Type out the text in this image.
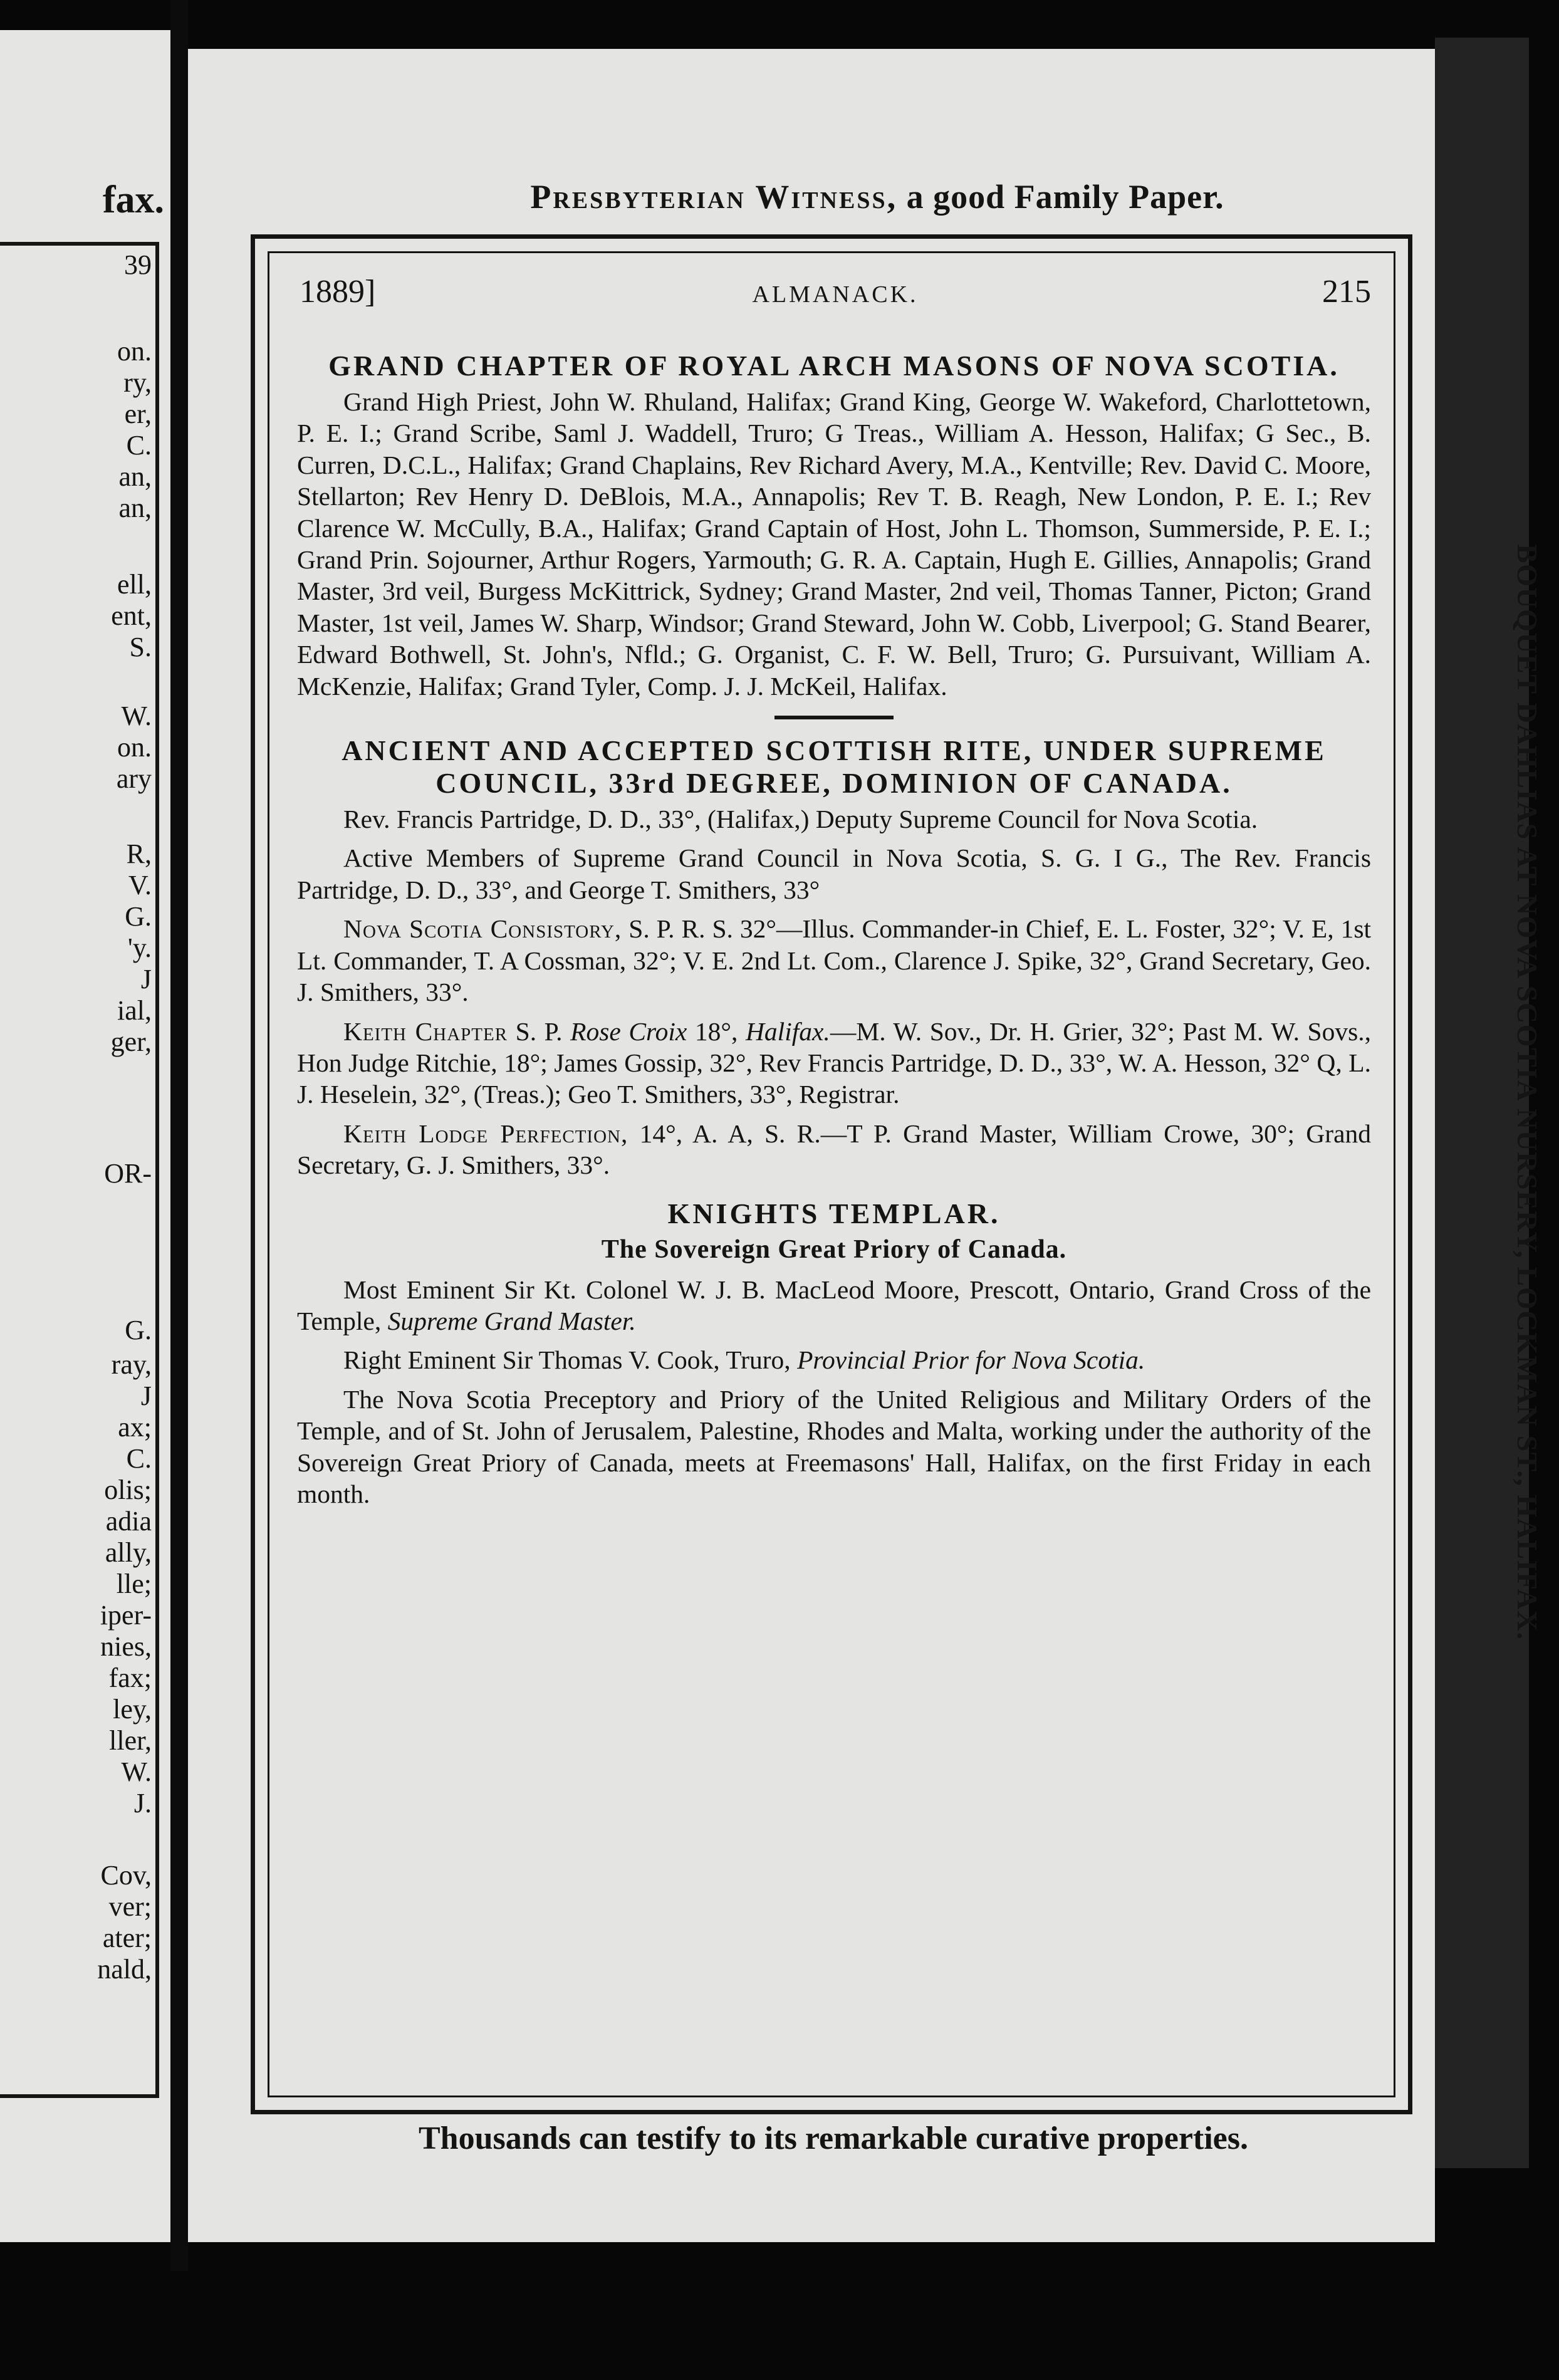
fax.
39
on.
ry,
er,
C.
an,
an,
ell,
ent,
S.
W.
on.
ary
R,
V.
G.
'y.
J
ial,
ger,
OR-
G.
ray,
J
ax;
C.
olis;
adia
ally,
lle;
iper-
nies,
fax;
ley,
ller,
W.
J.
Cov,
ver;
ater;
nald,
Presbyterian Witness, a good Family Paper.
1889]	ALMANACK.	215
GRAND CHAPTER OF ROYAL ARCH MASONS OF NOVA SCOTIA.

Grand High Priest, John W. Rhuland, Halifax; Grand King, George W. Wakeford, Charlottetown, P. E. I.; Grand Scribe, Saml J. Waddell, Truro; G Treas., William A. Hesson, Halifax; G Sec., B. Curren, D.C.L., Halifax; Grand Chaplains, Rev Richard Avery, M.A., Kentville; Rev. David C. Moore, Stellarton; Rev Henry D. DeBlois, M.A., Annapolis; Rev T. B. Reagh, New London, P. E. I.; Rev Clarence W. McCully, B.A., Halifax; Grand Captain of Host, John L. Thomson, Summerside, P. E. I.; Grand Prin. Sojourner, Arthur Rogers, Yarmouth; G. R. A. Captain, Hugh E. Gillies, Annapolis; Grand Master, 3rd veil, Burgess McKittrick, Sydney; Grand Master, 2nd veil, Thomas Tanner, Picton; Grand Master, 1st veil, James W. Sharp, Windsor; Grand Steward, John W. Cobb, Liverpool; G. Stand Bearer, Edward Bothwell, St. John's, Nfld.; G. Organist, C. F. W. Bell, Truro; G. Pursuivant, William A. McKenzie, Halifax; Grand Tyler, Comp. J. J. McKeil, Halifax.

ANCIENT AND ACCEPTED SCOTTISH RITE, UNDER SUPREME COUNCIL, 33rd DEGREE, DOMINION OF CANADA.

Rev. Francis Partridge, D. D., 33°, (Halifax,) Deputy Supreme Council for Nova Scotia.

Active Members of Supreme Grand Council in Nova Scotia, S. G. I G., The Rev. Francis Partridge, D. D., 33°, and George T. Smithers, 33°

Nova Scotia Consistory, S. P. R. S. 32°—Illus. Commander-in Chief, E. L. Foster, 32°; V. E, 1st Lt. Commander, T. A Cossman, 32°; V. E. 2nd Lt. Com., Clarence J. Spike, 32°, Grand Secretary, Geo. J. Smithers, 33°.

Keith Chapter S. P. Rose Croix 18°, Halifax.—M. W. Sov., Dr. H. Grier, 32°; Past M. W. Sovs., Hon Judge Ritchie, 18°; James Gossip, 32°, Rev Francis Partridge, D. D., 33°, W. A. Hesson, 32° Q, L. J. Heselein, 32°, (Treas.); Geo T. Smithers, 33°, Registrar.

Keith Lodge Perfection, 14°, A. A, S. R.—T P. Grand Master, William Crowe, 30°; Grand Secretary, G. J. Smithers, 33°.

KNIGHTS TEMPLAR.
The Sovereign Great Priory of Canada.

Most Eminent Sir Kt. Colonel W. J. B. MacLeod Moore, Prescott, Ontario, Grand Cross of the Temple, Supreme Grand Master.

Right Eminent Sir Thomas V. Cook, Truro, Provincial Prior for Nova Scotia.

The Nova Scotia Preceptory and Priory of the United Religious and Military Orders of the Temple, and of St. John of Jerusalem, Palestine, Rhodes and Malta, working under the authority of the Sovereign Great Priory of Canada, meets at Freemasons' Hall, Halifax, on the first Friday in each month.	BOUQUET DAHLIAS AT NOVA SCOTIA NURSERY, LOCKMAN ST., HALIFAX.
Thousands can testify to its remarkable curative properties.
